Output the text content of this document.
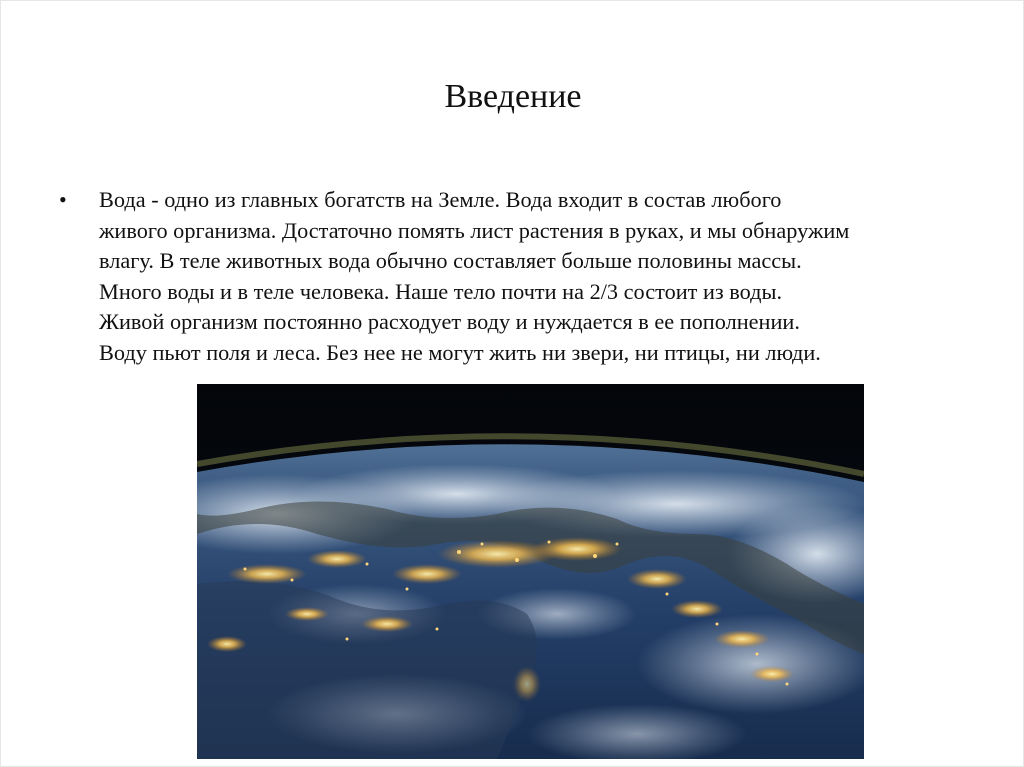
Введение
•	Вода - одно из главных богатств на Земле. Вода входит в состав любого
живого организма. Достаточно помять лист растения в руках, и мы обнаружим
влагу. В теле животных вода обычно составляет больше половины массы.
Много воды и в теле человека. Наше тело почти на 2/3 состоит из воды.
Живой организм постоянно расходует воду и нуждается в ее пополнении.
Воду пьют поля и леса. Без нее не могут жить ни звери, ни птицы, ни люди.
